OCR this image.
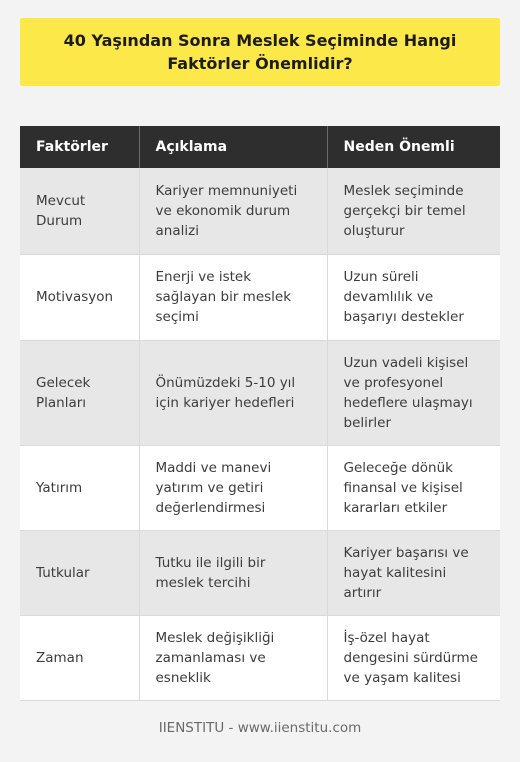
40 Yaşından Sonra Meslek Seçiminde Hangi Faktörler Önemlidir?
Faktörler	Açıklama	Neden Önemli
Mevcut Durum	Kariyer memnuniyeti ve ekonomik durum analizi	Meslek seçiminde gerçekçi bir temel oluşturur
Motivasyon	Enerji ve istek sağlayan bir meslek seçimi	Uzun süreli devamlılık ve başarıyı destekler
Gelecek Planları	Önümüzdeki 5-10 yıl için kariyer hedefleri	Uzun vadeli kişisel ve profesyonel hedeflere ulaşmayı belirler
Yatırım	Maddi ve manevi yatırım ve getiri değerlendirmesi	Geleceğe dönük finansal ve kişisel kararları etkiler
Tutkular	Tutku ile ilgili bir meslek tercihi	Kariyer başarısı ve hayat kalitesini artırır
Zaman	Meslek değişikliği zamanlaması ve esneklik	İş-özel hayat dengesini sürdürme ve yaşam kalitesi
IIENSTITU - www.iienstitu.com
